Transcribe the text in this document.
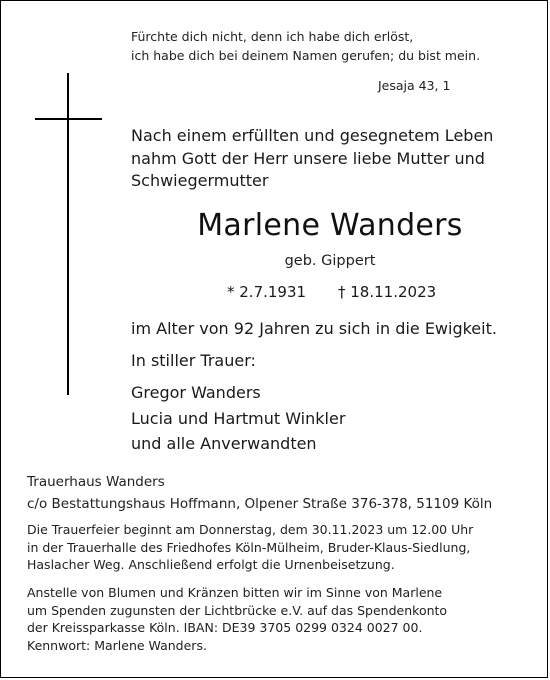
Fürchte dich nicht, denn ich habe dich erlöst,
ich habe dich bei deinem Namen gerufen; du bist mein.
Jesaja 43, 1
Nach einem erfüllten und gesegnetem Leben
nahm Gott der Herr unsere liebe Mutter und
Schwiegermutter
Marlene Wanders
geb. Gippert
* 2.7.1931 † 18.11.2023
im Alter von 92 Jahren zu sich in die Ewigkeit.
In stiller Trauer:
Gregor Wanders
Lucia und Hartmut Winkler
und alle Anverwandten
Trauerhaus Wanders
c/o Bestattungshaus Hoffmann, Olpener Straße 376-378, 51109 Köln
Die Trauerfeier beginnt am Donnerstag, dem 30.11.2023 um 12.00 Uhr
in der Trauerhalle des Friedhofes Köln-Mülheim, Bruder-Klaus-Siedlung,
Haslacher Weg. Anschließend erfolgt die Urnenbeisetzung.
Anstelle von Blumen und Kränzen bitten wir im Sinne von Marlene
um Spenden zugunsten der Lichtbrücke e.V. auf das Spendenkonto
der Kreissparkasse Köln. IBAN: DE39 3705 0299 0324 0027 00.
Kennwort: Marlene Wanders.
